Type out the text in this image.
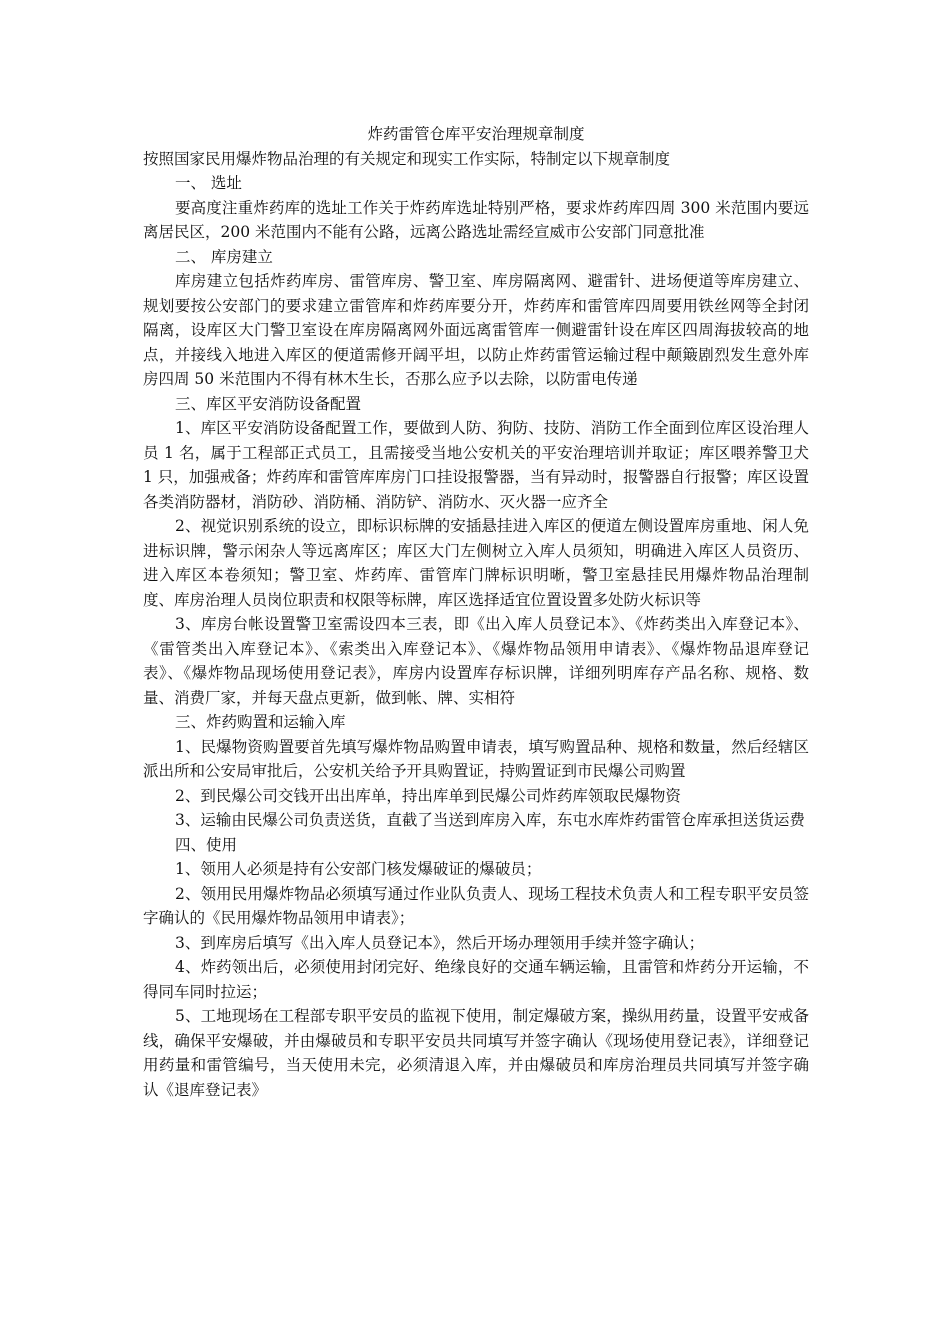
炸药雷管仓库平安治理规章制度

按照国家民用爆炸物品治理的有关规定和现实工作实际，特制定以下规章制度

一、 选址

要高度注重炸药库的选址工作关于炸药库选址特别严格，要求炸药库四周 300 米范围内要远离居民区，200 米范围内不能有公路，远离公路选址需经宣威市公安部门同意批准

二、 库房建立

库房建立包括炸药库房、雷管库房、警卫室、库房隔离网、避雷针、进场便道等库房建立、规划要按公安部门的要求建立雷管库和炸药库要分开，炸药库和雷管库四周要用铁丝网等全封闭隔离，设库区大门警卫室设在库房隔离网外面远离雷管库一侧避雷针设在库区四周海拔较高的地点，并接线入地进入库区的便道需修开阔平坦，以防止炸药雷管运输过程中颠簸剧烈发生意外库房四周 50 米范围内不得有林木生长，否那么应予以去除，以防雷电传递

三、库区平安消防设备配置

1、库区平安消防设备配置工作，要做到人防、狗防、技防、消防工作全面到位库区设治理人员 1 名，属于工程部正式员工，且需接受当地公安机关的平安治理培训并取证；库区喂养警卫犬 1 只，加强戒备；炸药库和雷管库库房门口挂设报警器，当有异动时，报警器自行报警；库区设置各类消防器材，消防砂、消防桶、消防铲、消防水、灭火器一应齐全

2、视觉识别系统的设立，即标识标牌的安插悬挂进入库区的便道左侧设置库房重地、闲人免进标识牌，警示闲杂人等远离库区；库区大门左侧树立入库人员须知，明确进入库区人员资历、进入库区本卷须知；警卫室、炸药库、雷管库门牌标识明晰，警卫室悬挂民用爆炸物品治理制度、库房治理人员岗位职责和权限等标牌，库区选择适宜位置设置多处防火标识等

3、库房台帐设置警卫室需设四本三表，即《出入库人员登记本》、《炸药类出入库登记本》、《雷管类出入库登记本》、《索类出入库登记本》、《爆炸物品领用申请表》、《爆炸物品退库登记表》、《爆炸物品现场使用登记表》，库房内设置库存标识牌，详细列明库存产品名称、规格、数量、消费厂家，并每天盘点更新，做到帐、牌、实相符

三、炸药购置和运输入库

1、民爆物资购置要首先填写爆炸物品购置申请表，填写购置品种、规格和数量，然后经辖区派出所和公安局审批后，公安机关给予开具购置证，持购置证到市民爆公司购置

2、到民爆公司交钱开出出库单，持出库单到民爆公司炸药库领取民爆物资

3、运输由民爆公司负责送货，直截了当送到库房入库，东屯水库炸药雷管仓库承担送货运费

四、使用

1、领用人必须是持有公安部门核发爆破证的爆破员；

2、领用民用爆炸物品必须填写通过作业队负责人、现场工程技术负责人和工程专职平安员签字确认的《民用爆炸物品领用申请表》；

3、到库房后填写《出入库人员登记本》，然后开场办理领用手续并签字确认；

4、炸药领出后，必须使用封闭完好、绝缘良好的交通车辆运输，且雷管和炸药分开运输，不得同车同时拉运；

5、工地现场在工程部专职平安员的监视下使用，制定爆破方案，操纵用药量，设置平安戒备线，确保平安爆破，并由爆破员和专职平安员共同填写并签字确认《现场使用登记表》，详细登记用药量和雷管编号，当天使用未完，必须清退入库，并由爆破员和库房治理员共同填写并签字确认《退库登记表》
